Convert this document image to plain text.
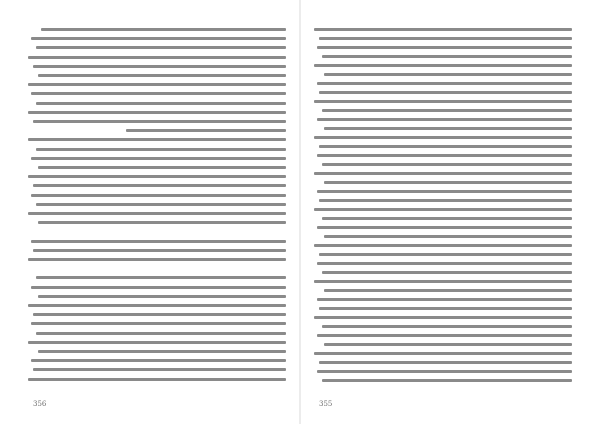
356	355
